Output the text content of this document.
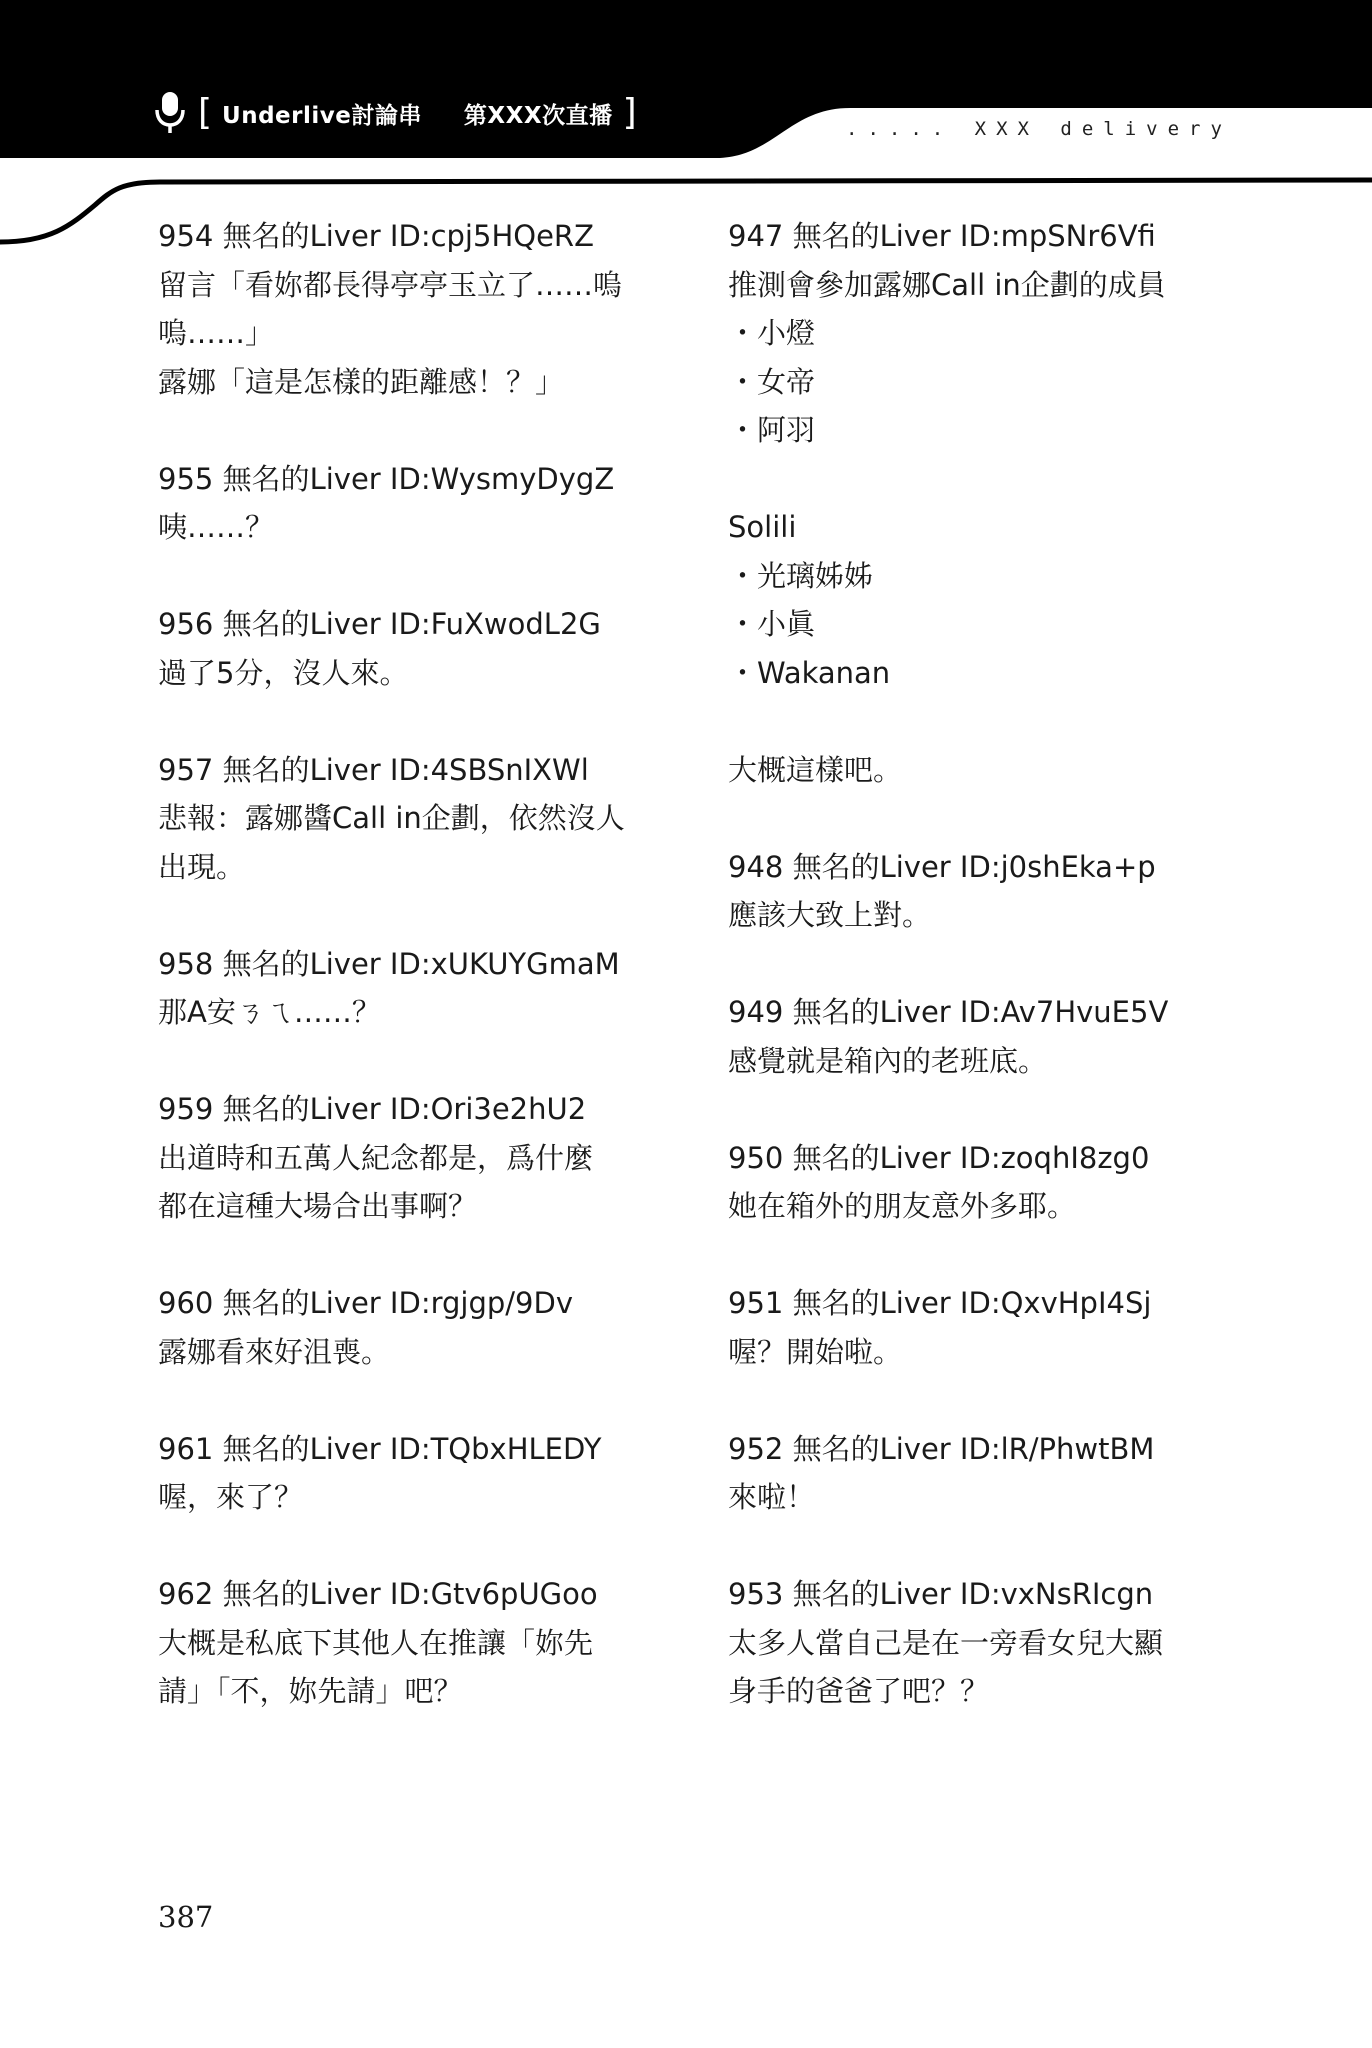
[ Underlive討論串 第XXX次直播 ]	..... XXX delivery
954 無名的Liver ID:cpj5HQeRZ
留言「看妳都長得亭亭玉立了……嗚
嗚……」
露娜「這是怎樣的距離感！？」
955 無名的Liver ID:WysmyDygZ
咦……？
956 無名的Liver ID:FuXwodL2G
過了5分，沒人來。
957 無名的Liver ID:4SBSnIXWl
悲報：露娜醬Call in企劃，依然沒人
出現。
958 無名的Liver ID:xUKUYGmaM
那A安ㄋㄟ……？
959 無名的Liver ID:Ori3e2hU2
出道時和五萬人紀念都是，爲什麼
都在這種大場合出事啊？
960 無名的Liver ID:rgjgp/9Dv
露娜看來好沮喪。
961 無名的Liver ID:TQbxHLEDY
喔，來了？
962 無名的Liver ID:Gtv6pUGoo
大概是私底下其他人在推讓「妳先
請」「不，妳先請」吧？
947 無名的Liver ID:mpSNr6Vfi
推測會參加露娜Call in企劃的成員
・小燈
・女帝
・阿羽
Solili
・光璃姊姊
・小眞
・Wakanan
大概這樣吧。
948 無名的Liver ID:j0shEka+p
應該大致上對。
949 無名的Liver ID:Av7HvuE5V
感覺就是箱內的老班底。
950 無名的Liver ID:zoqhI8zg0
她在箱外的朋友意外多耶。
951 無名的Liver ID:QxvHpI4Sj
喔？開始啦。
952 無名的Liver ID:lR/PhwtBM
來啦！
953 無名的Liver ID:vxNsRIcgn
太多人當自己是在一旁看女兒大顯
身手的爸爸了吧？？
387
